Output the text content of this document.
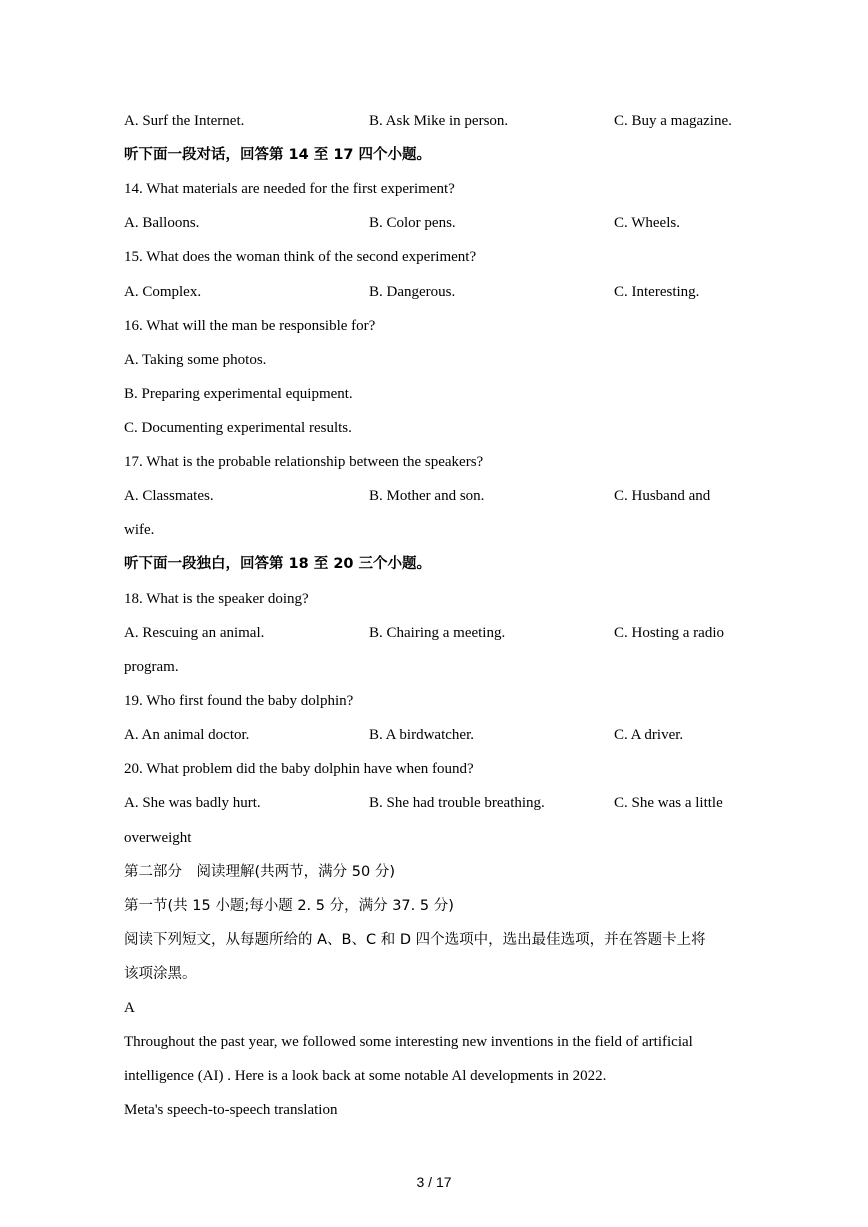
A. Surf the Internet.	B. Ask Mike in person.	C. Buy a magazine.
听下面一段对话，回答第 14 至 17 四个小题。
14. What materials are needed for the first experiment?
A. Balloons.	B. Color pens.	C. Wheels.
15. What does the woman think of the second experiment?
A. Complex.	B. Dangerous.	C. Interesting.
16. What will the man be responsible for?
A. Taking some photos.
B. Preparing experimental equipment.
C. Documenting experimental results.
17. What is the probable relationship between the speakers?
A. Classmates.	B. Mother and son.	C. Husband and
wife.
听下面一段独白，回答第 18 至 20 三个小题。
18. What is the speaker doing?
A. Rescuing an animal.	B. Chairing a meeting.	C. Hosting a radio
program.
19. Who first found the baby dolphin?
A. An animal doctor.	B. A birdwatcher.	C. A driver.
20. What problem did the baby dolphin have when found?
A. She was badly hurt.	B. She had trouble breathing.	C. She was a little
overweight
第二部分　阅读理解(共两节，满分 50 分)
第一节(共 15 小题;每小题 2. 5 分，满分 37. 5 分)
阅读下列短文，从每题所给的 A、B、C 和 D 四个选项中，选出最佳选项，并在答题卡上将
该项涂黑。
A
Throughout the past year, we followed some interesting new inventions in the field of artificial
intelligence (AI) . Here is a look back at some notable Al developments in 2022.
Meta's speech-to-speech translation
3 / 17
